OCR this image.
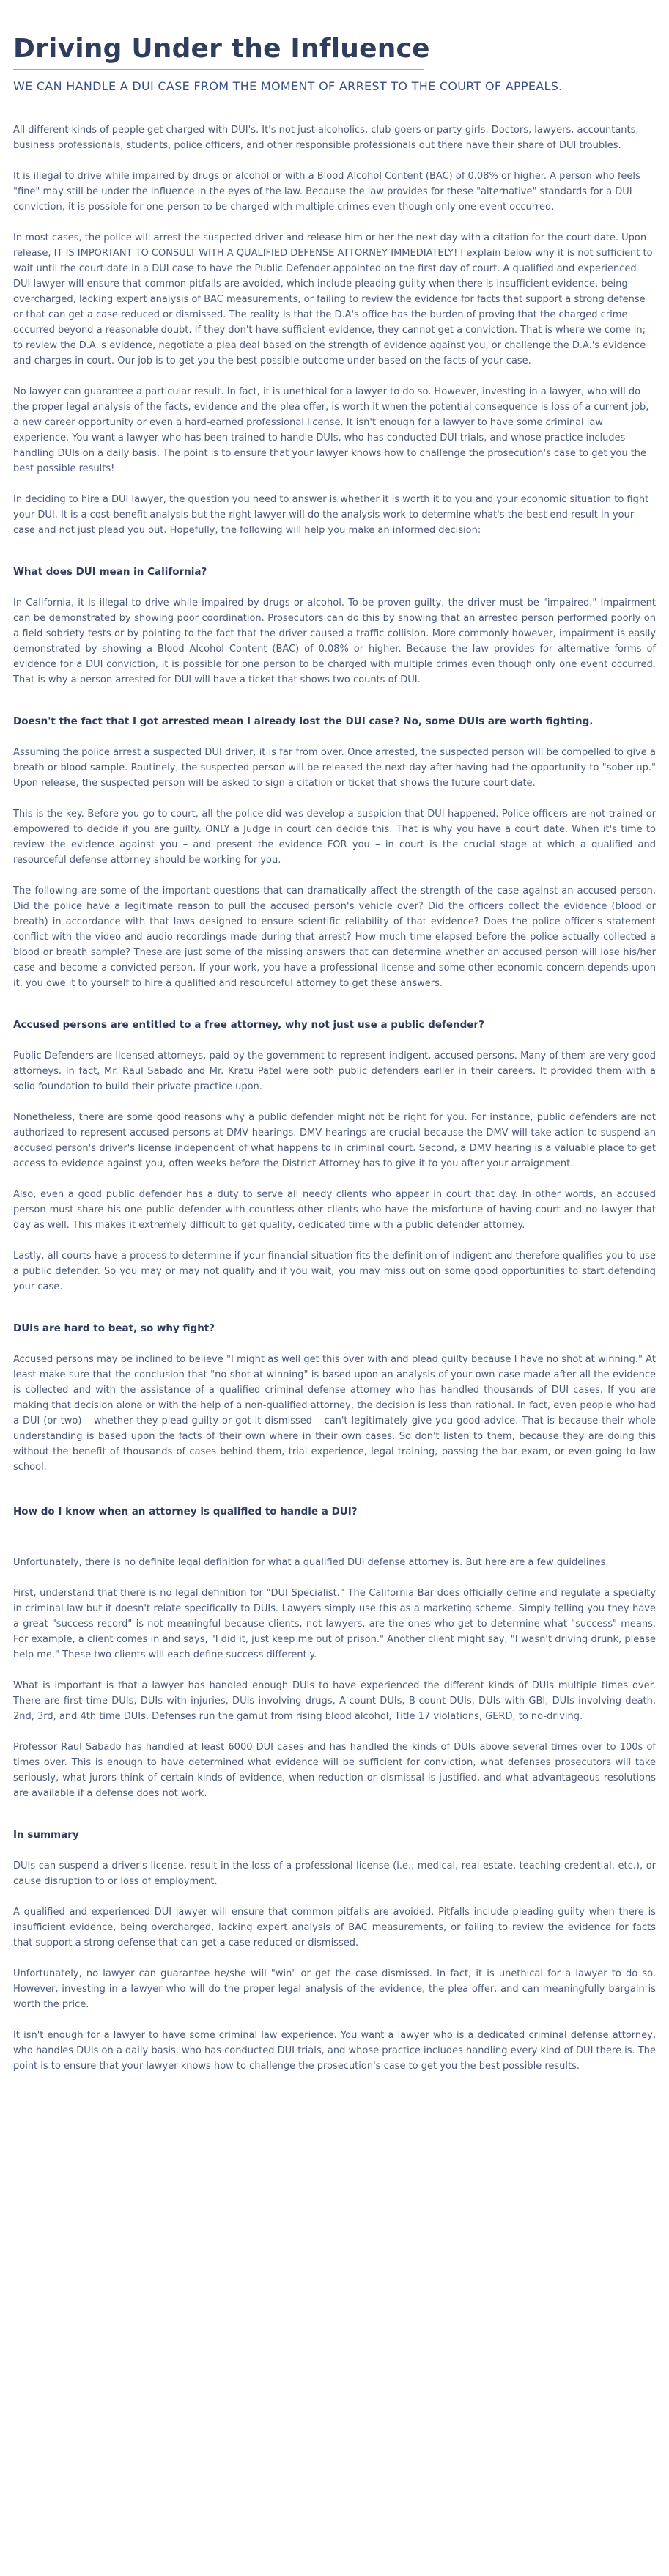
Driving Under the Influence
WE CAN HANDLE A DUI CASE FROM THE MOMENT OF ARREST TO THE COURT OF APPEALS.

All different kinds of people get charged with DUI's. It's not just alcoholics, club-goers or party-girls. Doctors, lawyers, accountants, business professionals, students, police officers, and other responsible professionals out there have their share of DUI troubles.

It is illegal to drive while impaired by drugs or alcohol or with a Blood Alcohol Content (BAC) of 0.08% or higher. A person who feels "fine" may still be under the influence in the eyes of the law. Because the law provides for these "alternative" standards for a DUI conviction, it is possible for one person to be charged with multiple crimes even though only one event occurred.

In most cases, the police will arrest the suspected driver and release him or her the next day with a citation for the court date. Upon release, IT IS IMPORTANT TO CONSULT WITH A QUALIFIED DEFENSE ATTORNEY IMMEDIATELY! I explain below why it is not sufficient to wait until the court date in a DUI case to have the Public Defender appointed on the first day of court. A qualified and experienced DUI lawyer will ensure that common pitfalls are avoided, which include pleading guilty when there is insufficient evidence, being overcharged, lacking expert analysis of BAC measurements, or failing to review the evidence for facts that support a strong defense or that can get a case reduced or dismissed. The reality is that the D.A's office has the burden of proving that the charged crime occurred beyond a reasonable doubt. If they don't have sufficient evidence, they cannot get a conviction. That is where we come in; to review the D.A.'s evidence, negotiate a plea deal based on the strength of evidence against you, or challenge the D.A.'s evidence and charges in court. Our job is to get you the best possible outcome under based on the facts of your case.

No lawyer can guarantee a particular result. In fact, it is unethical for a lawyer to do so. However, investing in a lawyer, who will do the proper legal analysis of the facts, evidence and the plea offer, is worth it when the potential consequence is loss of a current job, a new career opportunity or even a hard-earned professional license. It isn't enough for a lawyer to have some criminal law experience. You want a lawyer who has been trained to handle DUIs, who has conducted DUI trials, and whose practice includes handling DUIs on a daily basis. The point is to ensure that your lawyer knows how to challenge the prosecution's case to get you the best possible results!

In deciding to hire a DUI lawyer, the question you need to answer is whether it is worth it to you and your economic situation to fight your DUI. It is a cost-benefit analysis but the right lawyer will do the analysis work to determine what's the best end result in your case and not just plead you out. Hopefully, the following will help you make an informed decision:

What does DUI mean in California?

In California, it is illegal to drive while impaired by drugs or alcohol. To be proven guilty, the driver must be "impaired." Impairment can be demonstrated by showing poor coordination. Prosecutors can do this by showing that an arrested person performed poorly on a field sobriety tests or by pointing to the fact that the driver caused a traffic collision. More commonly however, impairment is easily demonstrated by showing a Blood Alcohol Content (BAC) of 0.08% or higher. Because the law provides for alternative forms of evidence for a DUI conviction, it is possible for one person to be charged with multiple crimes even though only one event occurred. That is why a person arrested for DUI will have a ticket that shows two counts of DUI.

Doesn't the fact that I got arrested mean I already lost the DUI case? No, some DUIs are worth fighting.

Assuming the police arrest a suspected DUI driver, it is far from over. Once arrested, the suspected person will be compelled to give a breath or blood sample. Routinely, the suspected person will be released the next day after having had the opportunity to "sober up." Upon release, the suspected person will be asked to sign a citation or ticket that shows the future court date.

This is the key. Before you go to court, all the police did was develop a suspicion that DUI happened. Police officers are not trained or empowered to decide if you are guilty. ONLY a Judge in court can decide this. That is why you have a court date. When it's time to review the evidence against you – and present the evidence FOR you – in court is the crucial stage at which a qualified and resourceful defense attorney should be working for you.

The following are some of the important questions that can dramatically affect the strength of the case against an accused person. Did the police have a legitimate reason to pull the accused person's vehicle over? Did the officers collect the evidence (blood or breath) in accordance with that laws designed to ensure scientific reliability of that evidence? Does the police officer's statement conflict with the video and audio recordings made during that arrest? How much time elapsed before the police actually collected a blood or breath sample? These are just some of the missing answers that can determine whether an accused person will lose his/her case and become a convicted person. If your work, you have a professional license and some other economic concern depends upon it, you owe it to yourself to hire a qualified and resourceful attorney to get these answers.

Accused persons are entitled to a free attorney, why not just use a public defender?

Public Defenders are licensed attorneys, paid by the government to represent indigent, accused persons. Many of them are very good attorneys. In fact, Mr. Raul Sabado and Mr. Kratu Patel were both public defenders earlier in their careers. It provided them with a solid foundation to build their private practice upon.

Nonetheless, there are some good reasons why a public defender might not be right for you. For instance, public defenders are not authorized to represent accused persons at DMV hearings. DMV hearings are crucial because the DMV will take action to suspend an accused person's driver's license independent of what happens to in criminal court. Second, a DMV hearing is a valuable place to get access to evidence against you, often weeks before the District Attorney has to give it to you after your arraignment.

Also, even a good public defender has a duty to serve all needy clients who appear in court that day. In other words, an accused person must share his one public defender with countless other clients who have the misfortune of having court and no lawyer that day as well. This makes it extremely difficult to get quality, dedicated time with a public defender attorney.

Lastly, all courts have a process to determine if your financial situation fits the definition of indigent and therefore qualifies you to use a public defender. So you may or may not qualify and if you wait, you may miss out on some good opportunities to start defending your case.

DUIs are hard to beat, so why fight?

Accused persons may be inclined to believe "I might as well get this over with and plead guilty because I have no shot at winning." At least make sure that the conclusion that "no shot at winning" is based upon an analysis of your own case made after all the evidence is collected and with the assistance of a qualified criminal defense attorney who has handled thousands of DUI cases. If you are making that decision alone or with the help of a non-qualified attorney, the decision is less than rational. In fact, even people who had a DUI (or two) – whether they plead guilty or got it dismissed – can't legitimately give you good advice. That is because their whole understanding is based upon the facts of their own where in their own cases. So don't listen to them, because they are doing this without the benefit of thousands of cases behind them, trial experience, legal training, passing the bar exam, or even going to law school.

How do I know when an attorney is qualified to handle a DUI?

Unfortunately, there is no definite legal definition for what a qualified DUI defense attorney is. But here are a few guidelines.

First, understand that there is no legal definition for "DUI Specialist." The California Bar does officially define and regulate a specialty in criminal law but it doesn't relate specifically to DUIs. Lawyers simply use this as a marketing scheme. Simply telling you they have a great "success record" is not meaningful because clients, not lawyers, are the ones who get to determine what "success" means. For example, a client comes in and says, "I did it, just keep me out of prison." Another client might say, "I wasn't driving drunk, please help me." These two clients will each define success differently.

What is important is that a lawyer has handled enough DUIs to have experienced the different kinds of DUIs multiple times over. There are first time DUIs, DUIs with injuries, DUIs involving drugs, A-count DUIs, B-count DUIs, DUIs with GBI, DUIs involving death, 2nd, 3rd, and 4th time DUIs. Defenses run the gamut from rising blood alcohol, Title 17 violations, GERD, to no-driving.

Professor Raul Sabado has handled at least 6000 DUI cases and has handled the kinds of DUIs above several times over to 100s of times over. This is enough to have determined what evidence will be sufficient for conviction, what defenses prosecutors will take seriously, what jurors think of certain kinds of evidence, when reduction or dismissal is justified, and what advantageous resolutions are available if a defense does not work.

In summary

DUIs can suspend a driver's license, result in the loss of a professional license (i.e., medical, real estate, teaching credential, etc.), or cause disruption to or loss of employment.

A qualified and experienced DUI lawyer will ensure that common pitfalls are avoided. Pitfalls include pleading guilty when there is insufficient evidence, being overcharged, lacking expert analysis of BAC measurements, or failing to review the evidence for facts that support a strong defense that can get a case reduced or dismissed.

Unfortunately, no lawyer can guarantee he/she will "win" or get the case dismissed. In fact, it is unethical for a lawyer to do so. However, investing in a lawyer who will do the proper legal analysis of the evidence, the plea offer, and can meaningfully bargain is worth the price.

It isn't enough for a lawyer to have some criminal law experience. You want a lawyer who is a dedicated criminal defense attorney, who handles DUIs on a daily basis, who has conducted DUI trials, and whose practice includes handling every kind of DUI there is. The point is to ensure that your lawyer knows how to challenge the prosecution's case to get you the best possible results.
